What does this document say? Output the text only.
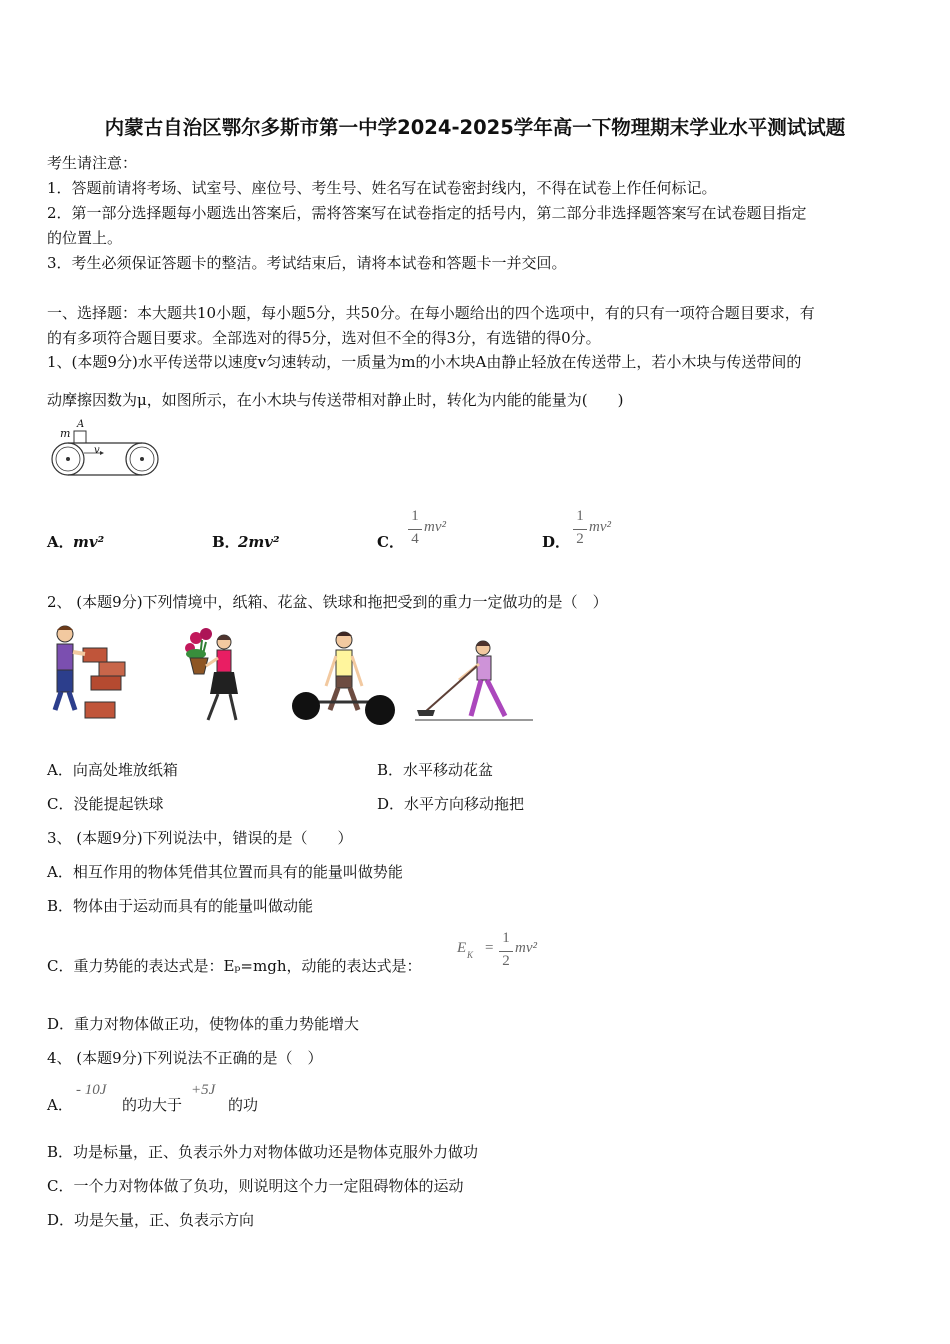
内蒙古自治区鄂尔多斯市第一中学2024-2025学年高一下物理期末学业水平测试试题
考生请注意：
1．答题前请将考场、试室号、座位号、考生号、姓名写在试卷密封线内，不得在试卷上作任何标记。
2．第一部分选择题每小题选出答案后，需将答案写在试卷指定的括号内，第二部分非选择题答案写在试卷题目指定
的位置上。
3．考生必须保证答题卡的整洁。考试结束后，请将本试卷和答题卡一并交回。
一、选择题：本大题共10小题，每小题5分，共50分。在每小题给出的四个选项中，有的只有一项符合题目要求，有
的有多项符合题目要求。全部选对的得5分，选对但不全的得3分，有选错的得0分。
1、(本题9分)水平传送带以速度v匀速转动，一质量为m的小木块A由静止轻放在传送带上，若小木块与传送带间的
动摩擦因数为μ，如图所示，在小木块与传送带相对静止时，转化为内能的能量为(　　)
m
A
v
A． mv²	B．
2mv²	C．
1
4
mv²
D．
1
2
mv²
2、 (本题9分)下列情境中，纸箱、花盆、铁球和拖把受到的重力一定做功的是（　）
A．向高处堆放纸箱	B．水平移动花盆
C．没能提起铁球	D．水平方向移动拖把
3、 (本题9分)下列说法中，错误的是（　　）
A．相互作用的物体凭借其位置而具有的能量叫做势能
B．物体由于运动而具有的能量叫做动能
C．重力势能的表达式是：Eₚ=mgh，动能的表达式是：
E K =
1
2
mv²
D．重力对物体做正功，使物体的重力势能增大
4、 (本题9分)下列说法不正确的是（　）
A．
- 10J
的功大于
+5J
的功
B．功是标量，正、负表示外力对物体做功还是物体克服外力做功
C．一个力对物体做了负功，则说明这个力一定阻碍物体的运动
D．功是矢量，正、负表示方向
